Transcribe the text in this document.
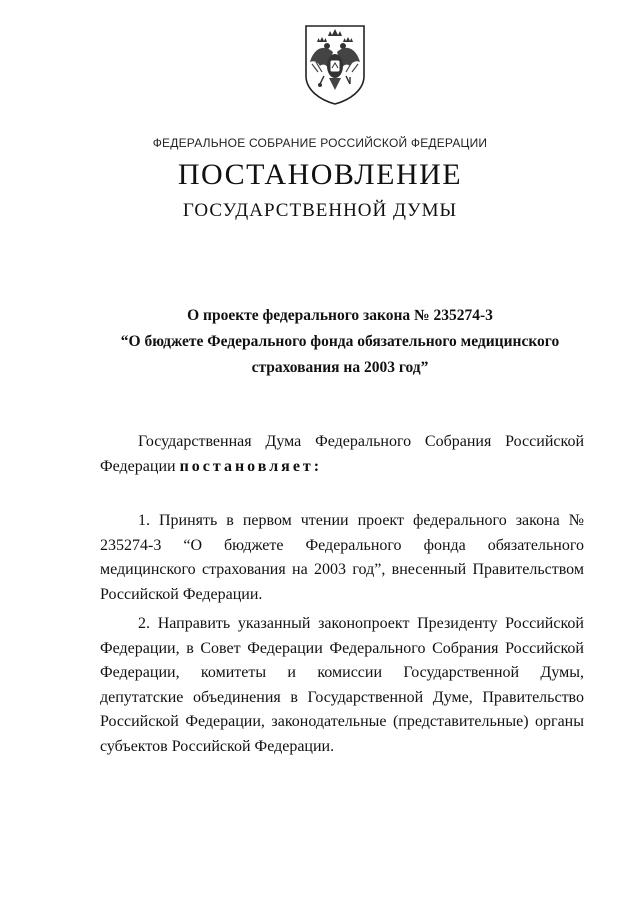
ФЕДЕРАЛЬНОЕ СОБРАНИЕ РОССИЙСКОЙ ФЕДЕРАЦИИ
ПОСТАНОВЛЕНИЕ
ГОСУДАРСТВЕННОЙ ДУМЫ
О проекте федерального закона № 235274-3
“О бюджете Федерального фонда обязательного медицинского
страхования на 2003 год”
Государственная Дума Федерального Собрания Российской Федерации постановляет:
1. Принять в первом чтении проект федерального закона № 235274-3 “О бюджете Федерального фонда обязательного медицинского страхования на 2003 год”, внесенный Правительством Российской Федерации.
2. Направить указанный законопроект Президенту Российской Федерации, в Совет Федерации Федерального Собрания Российской Федерации, комитеты и комиссии Государственной Думы, депутатские объединения в Государственной Думе, Правительство Российской Федерации, законодательные (представительные) органы субъектов Российской Федерации.
